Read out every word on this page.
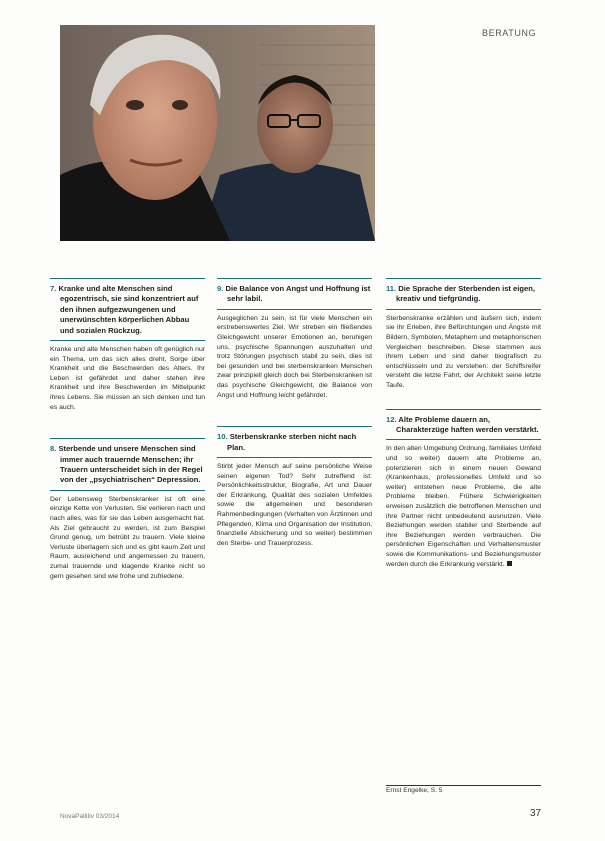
BERATUNG

7. Kranke und alte Menschen sind egozentrisch, sie sind konzentriert auf den ihnen aufgezwungenen und unerwünschten körperlichen Abbau und sozialen Rückzug.

Kranke und alte Menschen haben oft genüglich nur ein Thema, um das sich alles dreht, Sorge über Krankheit und die Beschwerden des Alters. Ihr Leben ist gefährdet und daher stehen ihre Krankheit und ihre Beschwerden im Mittelpunkt ihres Lebens. Sie müssen an sich denken und tun es auch.

8. Sterbende und unsere Menschen sind immer auch trauernde Menschen; ihr Trauern unterscheidet sich in der Regel von der „psychiatrischen“ Depression.

Der Lebensweg Sterbenskranker ist oft eine einzige Kette von Verlusten. Sie verlieren nach und nach alles, was für sie das Leben ausgemacht hat. Als Ziel gebraucht zu werden, ist zum Beispiel Grund genug, um betrübt zu trauern. Viele kleine Verluste überlagern sich und es gibt kaum Zeit und Raum, ausreichend und angemessen zu trauern, zumal trauernde und klagende Kranke nicht so gern gesehen sind wie frohe und zufriedene.

9. Die Balance von Angst und Hoffnung ist sehr labil.

Ausgeglichen zu sein, ist für viele Menschen ein erstrebenswertes Ziel. Wir streben ein fließendes Gleichgewicht unserer Emotionen an, beruhigen uns, psychische Spannungen auszuhalten und trotz Störungen psychisch stabil zu sein, dies ist bei gesunden und bei sterbenskranken Menschen zwar prinzipiell gleich doch bei Sterbenskranken ist das psychische Gleichgewicht, die Balance von Angst und Hoffnung leicht gefährdet.

10. Sterbenskranke sterben nicht nach Plan.

Stirbt jeder Mensch auf seine persönliche Weise seinen eigenen Tod? Sehr zutreffend ist: Persönlichkeitsstruktur, Biografie, Art und Dauer der Erkrankung, Qualität des sozialen Umfeldes sowie die allgemeinen und besonderen Rahmenbedingungen (Verhalten von Ärztinnen und Pflegenden, Klima und Organisation der Institution, finanzielle Absicherung und so weiter) bestimmen den Sterbe- und Trauerprozess.

11. Die Sprache der Sterbenden ist eigen, kreativ und tiefgründig.

Sterbenskranke erzählen und äußern sich, indem sie ihr Erleben, ihre Befürchtungen und Ängste mit Bildern, Symbolen, Metaphern und metaphorischen Vergleichen beschreiben. Diese stammen aus ihrem Leben und sind daher biografisch zu entschlüsseln und zu verstehen: der Schiffsreifer versteht die letzte Fahrt, der Architekt seine letzte Taufe.

12. Alte Probleme dauern an, Charakterzüge haften werden verstärkt.

In den alten Umgebung Ordnung, familiales Umfeld und so weiter) dauern alte Probleme an, potenzieren sich in einem neuen Gewand (Krankenhaus, professionelles Umfeld und so weiter) entstehen neue Probleme, die alte Probleme bleiben. Frühere Schwierigkeiten erweisen zusätzlich die betroffenen Menschen und ihre Partner nicht unbedeutend ausnutzen. Viele Beziehungen werden stabiler und Sterbende auf ihre Beziehungen werden verbrauchen. Die persönlichen Eigenschaften und Verhaltensmuster sowie die Kommunikations- und Beziehungsmuster werden durch die Erkrankung verstärkt.

Ernst Engelke, S. 5
NovaPallitiv 03/2014	37
